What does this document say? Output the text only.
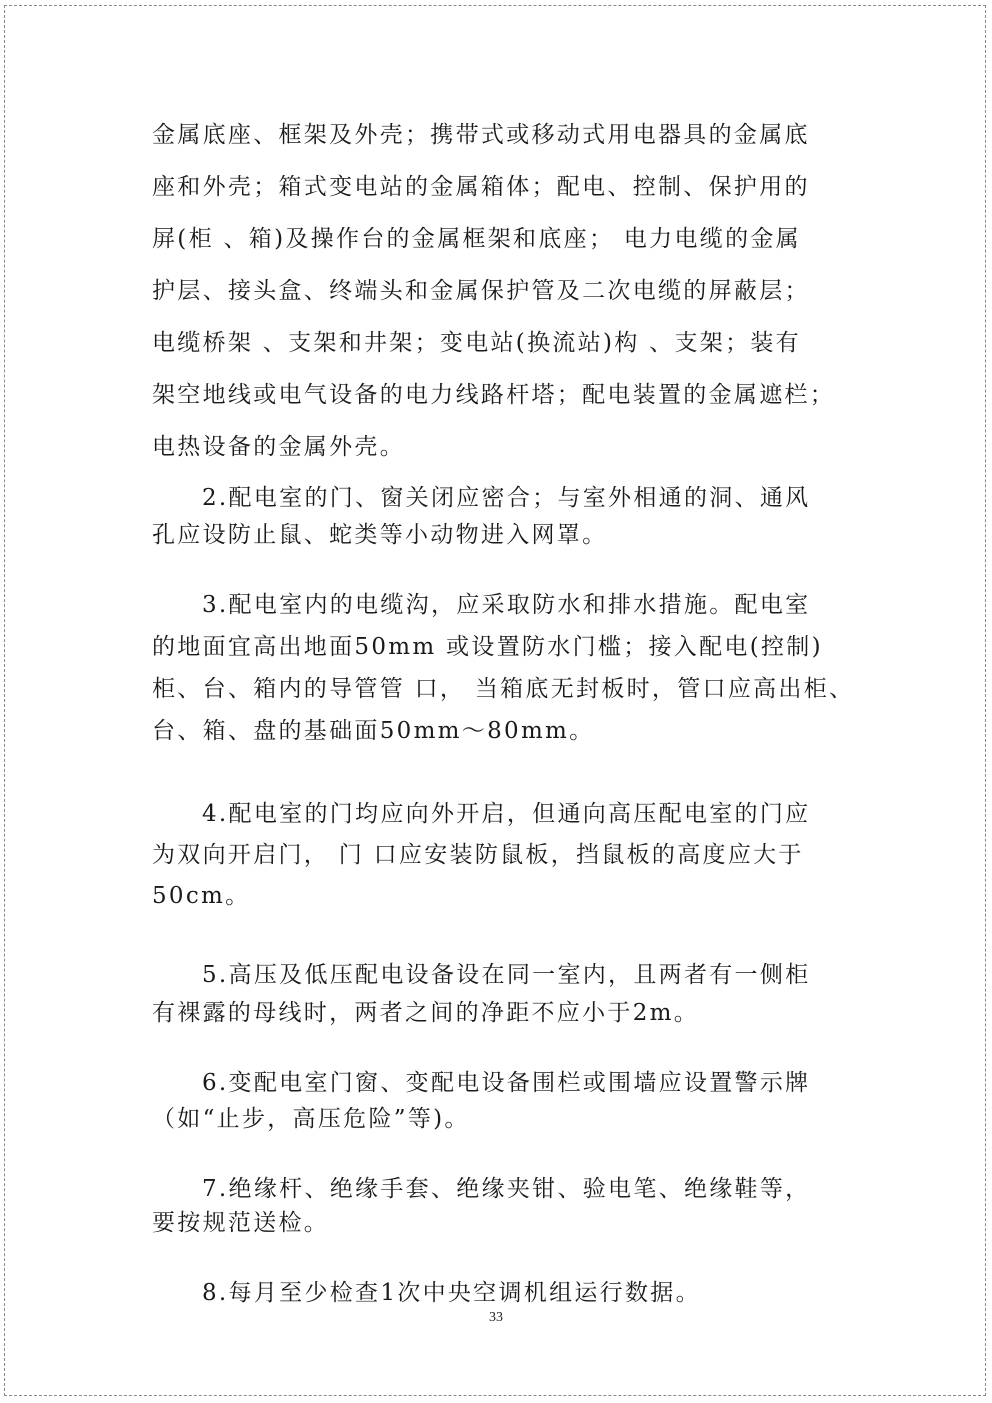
金属底座、框架及外壳；携带式或移动式用电器具的金属底
座和外壳；箱式变电站的金属箱体；配电、控制、保护用的
屏(柜 、箱)及操作台的金属框架和底座； 电力电缆的金属
护层、接头盒、终端头和金属保护管及二次电缆的屏蔽层；
电缆桥架 、支架和井架；变电站(换流站)构 、支架；装有
架空地线或电气设备的电力线路杆塔；配电装置的金属遮栏；
电热设备的金属外壳。
2.配电室的门、窗关闭应密合；与室外相通的洞、通风
孔应设防止鼠、蛇类等小动物进入网罩。
3.配电室内的电缆沟，应采取防水和排水措施。配电室
的地面宜高出地面50mm 或设置防水门槛；接入配电(控制)
柜、台、箱内的导管管 口， 当箱底无封板时，管口应高出柜、
台、箱、盘的基础面50mm～80mm。
4.配电室的门均应向外开启，但通向高压配电室的门应
为双向开启门， 门 口应安装防鼠板，挡鼠板的高度应大于
50cm。
5.高压及低压配电设备设在同一室内，且两者有一侧柜
有裸露的母线时，两者之间的净距不应小于2m。
6.变配电室门窗、变配电设备围栏或围墙应设置警示牌
（如“止步，高压危险”等)。
7.绝缘杆、绝缘手套、绝缘夹钳、验电笔、绝缘鞋等，
要按规范送检。
8.每月至少检查1次中央空调机组运行数据。
33
